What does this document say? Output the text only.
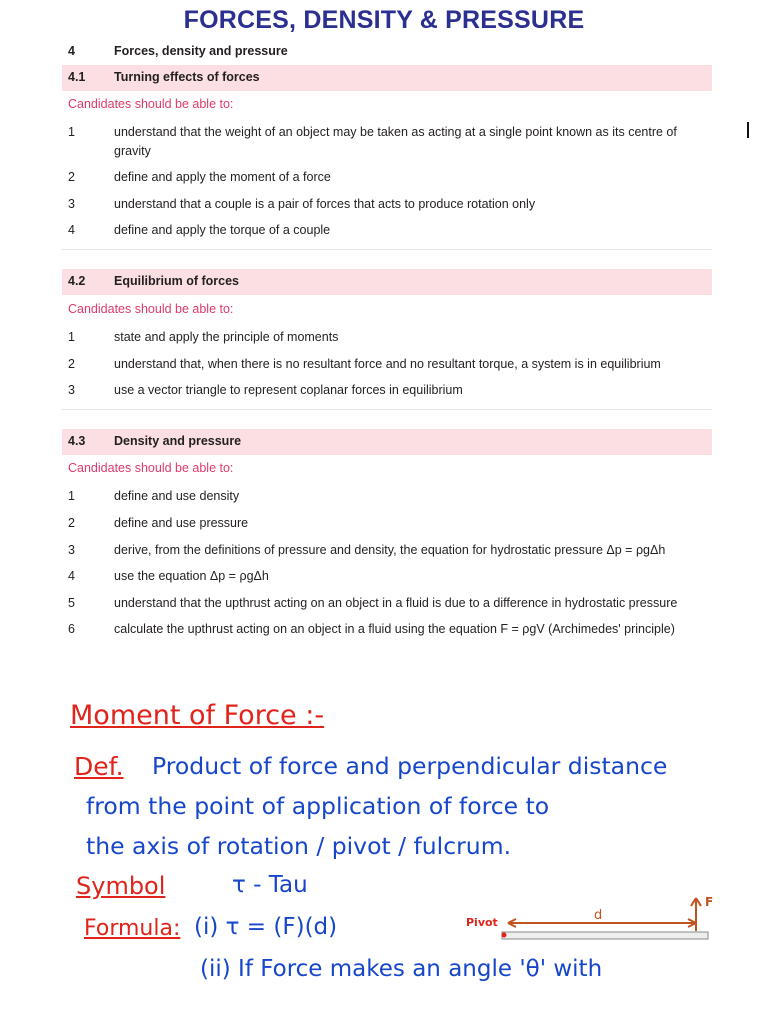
FORCES, DENSITY & PRESSURE
4	Forces, density and pressure
4.1 Turning effects of forces
Candidates should be able to:
1	understand that the weight of an object may be taken as acting at a single point known as its centre of gravity
2	define and apply the moment of a force
3	understand that a couple is a pair of forces that acts to produce rotation only
4	define and apply the torque of a couple
4.2 Equilibrium of forces
Candidates should be able to:
1	state and apply the principle of moments
2	understand that, when there is no resultant force and no resultant torque, a system is in equilibrium
3	use a vector triangle to represent coplanar forces in equilibrium
4.3 Density and pressure
Candidates should be able to:
1	define and use density
2	define and use pressure
3	derive, from the definitions of pressure and density, the equation for hydrostatic pressure Δp = ρgΔh
4	use the equation Δp = ρgΔh
5	understand that the upthrust acting on an object in a fluid is due to a difference in hydrostatic pressure
6	calculate the upthrust acting on an object in a fluid using the equation F = ρgV (Archimedes' principle)
Moment of Force :-
Def. Product of force and perpendicular distance
from the point of application of force to
the axis of rotation / pivot / fulcrum.
Symbol	τ - Tau
Formula: (i) τ = (F)(d)
(ii) If Force makes an angle 'θ' with
Pivot	d
F
